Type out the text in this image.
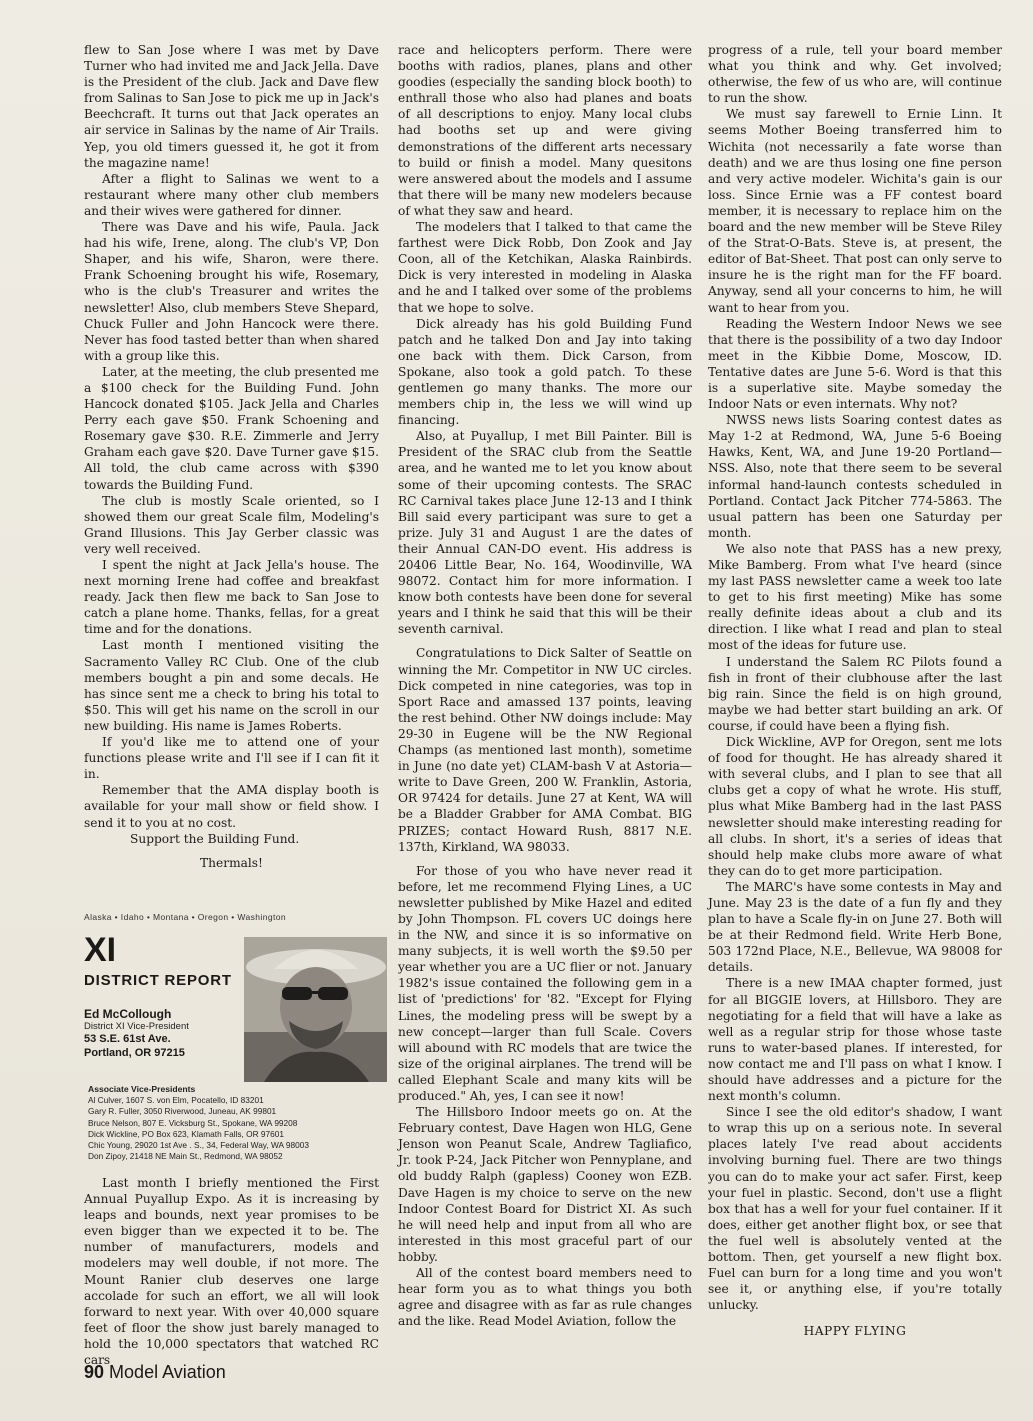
flew to San Jose where I was met by Dave Turner who had invited me and Jack Jella. Dave is the President of the club. Jack and Dave flew from Salinas to San Jose to pick me up in Jack's Beechcraft. It turns out that Jack operates an air service in Salinas by the name of Air Trails. Yep, you old timers guessed it, he got it from the magazine name!

After a flight to Salinas we went to a restaurant where many other club members and their wives were gathered for dinner.

There was Dave and his wife, Paula. Jack had his wife, Irene, along. The club's VP, Don Shaper, and his wife, Sharon, were there. Frank Schoening brought his wife, Rosemary, who is the club's Treasurer and writes the newsletter! Also, club members Steve Shepard, Chuck Fuller and John Hancock were there. Never has food tasted better than when shared with a group like this.

Later, at the meeting, the club presented me a $100 check for the Building Fund. John Hancock donated $105. Jack Jella and Charles Perry each gave $50. Frank Schoening and Rosemary gave $30. R.E. Zimmerle and Jerry Graham each gave $20. Dave Turner gave $15. All told, the club came across with $390 towards the Building Fund.

The club is mostly Scale oriented, so I showed them our great Scale film, Modeling's Grand Illusions. This Jay Gerber classic was very well received.

I spent the night at Jack Jella's house. The next morning Irene had coffee and breakfast ready. Jack then flew me back to San Jose to catch a plane home. Thanks, fellas, for a great time and for the donations.

Last month I mentioned visiting the Sacramento Valley RC Club. One of the club members bought a pin and some decals. He has since sent me a check to bring his total to $50. This will get his name on the scroll in our new building. His name is James Roberts.

If you'd like me to attend one of your functions please write and I'll see if I can fit it in.

Remember that the AMA display booth is available for your mall show or field show. I send it to you at no cost.

Support the Building Fund.

Thermals!

Alaska • Idaho • Montana • Oregon • Washington
XI
DISTRICT REPORT
Ed McCollough
District XI Vice-President
53 S.E. 61st Ave.
Portland, OR 97215
Associate Vice-Presidents
Al Culver, 1607 S. von Elm, Pocatello, ID 83201
Gary R. Fuller, 3050 Riverwood, Juneau, AK 99801
Bruce Nelson, 807 E. Vicksburg St., Spokane, WA 99208
Dick Wickline, PO Box 623, Klamath Falls, OR 97601
Chic Young, 29020 1st Ave . S., 34, Federal Way, WA 98003
Don Zipoy, 21418 NE Main St., Redmond, WA 98052

Last month I briefly mentioned the First Annual Puyallup Expo. As it is increasing by leaps and bounds, next year promises to be even bigger than we expected it to be. The number of manufacturers, models and modelers may well double, if not more. The Mount Ranier club deserves one large accolade for such an effort, we all will look forward to next year. With over 40,000 square feet of floor the show just barely managed to hold the 10,000 spectators that watched RC cars

race and helicopters perform. There were booths with radios, planes, plans and other goodies (especially the sanding block booth) to enthrall those who also had planes and boats of all descriptions to enjoy. Many local clubs had booths set up and were giving demonstrations of the different arts necessary to build or finish a model. Many quesitons were answered about the models and I assume that there will be many new modelers because of what they saw and heard.

The modelers that I talked to that came the farthest were Dick Robb, Don Zook and Jay Coon, all of the Ketchikan, Alaska Rainbirds. Dick is very interested in modeling in Alaska and he and I talked over some of the problems that we hope to solve.

Dick already has his gold Building Fund patch and he talked Don and Jay into taking one back with them. Dick Carson, from Spokane, also took a gold patch. To these gentlemen go many thanks. The more our members chip in, the less we will wind up financing.

Also, at Puyallup, I met Bill Painter. Bill is President of the SRAC club from the Seattle area, and he wanted me to let you know about some of their upcoming contests. The SRAC RC Carnival takes place June 12-13 and I think Bill said every participant was sure to get a prize. July 31 and August 1 are the dates of their Annual CAN-DO event. His address is 20406 Little Bear, No. 164, Woodinville, WA 98072. Contact him for more information. I know both contests have been done for several years and I think he said that this will be their seventh carnival.

Congratulations to Dick Salter of Seattle on winning the Mr. Competitor in NW UC circles. Dick competed in nine categories, was top in Sport Race and amassed 137 points, leaving the rest behind. Other NW doings include: May 29-30 in Eugene will be the NW Regional Champs (as mentioned last month), sometime in June (no date yet) CLAM-bash V at Astoria—write to Dave Green, 200 W. Franklin, Astoria, OR 97424 for details. June 27 at Kent, WA will be a Bladder Grabber for AMA Combat. BIG PRIZES; contact Howard Rush, 8817 N.E. 137th, Kirkland, WA 98033.

For those of you who have never read it before, let me recommend Flying Lines, a UC newsletter published by Mike Hazel and edited by John Thompson. FL covers UC doings here in the NW, and since it is so informative on many subjects, it is well worth the $9.50 per year whether you are a UC flier or not. January 1982's issue contained the following gem in a list of 'predictions' for '82. "Except for Flying Lines, the modeling press will be swept by a new concept—larger than full Scale. Covers will abound with RC models that are twice the size of the original airplanes. The trend will be called Elephant Scale and many kits will be produced." Ah, yes, I can see it now!

The Hillsboro Indoor meets go on. At the February contest, Dave Hagen won HLG, Gene Jenson won Peanut Scale, Andrew Tagliafico, Jr. took P-24, Jack Pitcher won Pennyplane, and old buddy Ralph (gapless) Cooney won EZB. Dave Hagen is my choice to serve on the new Indoor Contest Board for District XI. As such he will need help and input from all who are interested in this most graceful part of our hobby.

All of the contest board members need to hear form you as to what things you both agree and disagree with as far as rule changes and the like. Read Model Aviation, follow the

progress of a rule, tell your board member what you think and why. Get involved; otherwise, the few of us who are, will continue to run the show.

We must say farewell to Ernie Linn. It seems Mother Boeing transferred him to Wichita (not necessarily a fate worse than death) and we are thus losing one fine person and very active modeler. Wichita's gain is our loss. Since Ernie was a FF contest board member, it is necessary to replace him on the board and the new member will be Steve Riley of the Strat-O-Bats. Steve is, at present, the editor of Bat-Sheet. That post can only serve to insure he is the right man for the FF board. Anyway, send all your concerns to him, he will want to hear from you.

Reading the Western Indoor News we see that there is the possibility of a two day Indoor meet in the Kibbie Dome, Moscow, ID. Tentative dates are June 5-6. Word is that this is a superlative site. Maybe someday the Indoor Nats or even internats. Why not?

NWSS news lists Soaring contest dates as May 1-2 at Redmond, WA, June 5-6 Boeing Hawks, Kent, WA, and June 19-20 Portland—NSS. Also, note that there seem to be several informal hand-launch contests scheduled in Portland. Contact Jack Pitcher 774-5863. The usual pattern has been one Saturday per month.

We also note that PASS has a new prexy, Mike Bamberg. From what I've heard (since my last PASS newsletter came a week too late to get to his first meeting) Mike has some really definite ideas about a club and its direction. I like what I read and plan to steal most of the ideas for future use.

I understand the Salem RC Pilots found a fish in front of their clubhouse after the last big rain. Since the field is on high ground, maybe we had better start building an ark. Of course, if could have been a flying fish.

Dick Wickline, AVP for Oregon, sent me lots of food for thought. He has already shared it with several clubs, and I plan to see that all clubs get a copy of what he wrote. His stuff, plus what Mike Bamberg had in the last PASS newsletter should make interesting reading for all clubs. In short, it's a series of ideas that should help make clubs more aware of what they can do to get more participation.

The MARC's have some contests in May and June. May 23 is the date of a fun fly and they plan to have a Scale fly-in on June 27. Both will be at their Redmond field. Write Herb Bone, 503 172nd Place, N.E., Bellevue, WA 98008 for details.

There is a new IMAA chapter formed, just for all BIGGIE lovers, at Hillsboro. They are negotiating for a field that will have a lake as well as a regular strip for those whose taste runs to water-based planes. If interested, for now contact me and I'll pass on what I know. I should have addresses and a picture for the next month's column.

Since I see the old editor's shadow, I want to wrap this up on a serious note. In several places lately I've read about accidents involving burning fuel. There are two things you can do to make your act safer. First, keep your fuel in plastic. Second, don't use a flight box that has a well for your fuel container. If it does, either get another flight box, or see that the fuel well is absolutely vented at the bottom. Then, get yourself a new flight box. Fuel can burn for a long time and you won't see it, or anything else, if you're totally unlucky.

HAPPY FLYING

90 Model Aviation
